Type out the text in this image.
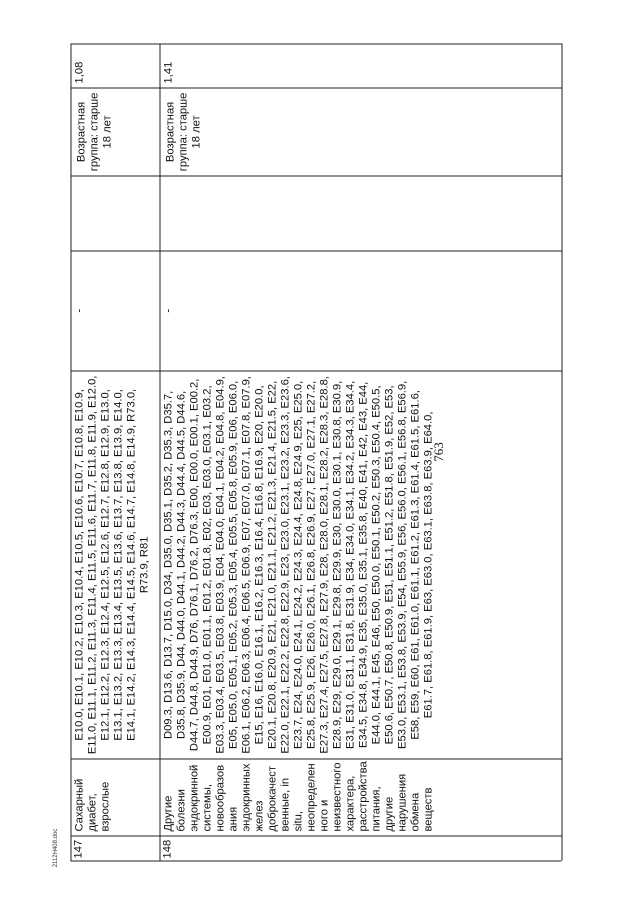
763
147
Сахарный диабет, взрослые
E10.0, E10.1, E10.2, E10.3, E10.4, E10.5, E10.6, E10.7, E10.8, E10.9, E11.0, E11.1, E11.2, E11.3, E11.4, E11.5, E11.6, E11.7, E11.8, E11.9, E12.0, E12.1, E12.2, E12.3, E12.4, E12.5, E12.6, E12.7, E12.8, E12.9, E13.0, E13.1, E13.2, E13.3, E13.4, E13.5, E13.6, E13.7, E13.8, E13.9, E14.0, E14.1, E14.2, E14.3, E14.4, E14.5, E14.6, E14.7, E14.8, E14.9, R73.0, R73.9, R81
-
Возрастная группа: старше 18 лет
1,08
148
Другие болезни эндокринной системы, новообразов ания эндокринных желез доброкачест венные, in situ, неопределен ного и неизвестного характера, расстройства питания, другие нарушения обмена веществ
D09.3, D13.6, D13.7, D15.0, D34, D35.0, D35.1, D35.2, D35.3, D35.7, D35.8, D35.9, D44, D44.0, D44.1, D44.2, D44.3, D44.4, D44.5, D44.6, D44.7, D44.8, D44.9, D76, D76.1, D76.2, D76.3, E00, E00.0, E00.1, E00.2, E00.9, E01, E01.0, E01.1, E01.2, E01.8, E02, E03, E03.0, E03.1, E03.2, E03.3, E03.4, E03.5, E03.8, E03.9, E04, E04.0, E04.1, E04.2, E04.8, E04.9, E05, E05.0, E05.1, E05.2, E05.3, E05.4, E05.5, E05.8, E05.9, E06, E06.0, E06.1, E06.2, E06.3, E06.4, E06.5, E06.9, E07, E07.0, E07.1, E07.8, E07.9, E15, E16, E16.0, E16.1, E16.2, E16.3, E16.4, E16.8, E16.9, E20, E20.0, E20.1, E20.8, E20.9, E21, E21.0, E21.1, E21.2, E21.3, E21.4, E21.5, E22, E22.0, E22.1, E22.2, E22.8, E22.9, E23, E23.0, E23.1, E23.2, E23.3, E23.6, E23.7, E24, E24.0, E24.1, E24.2, E24.3, E24.4, E24.8, E24.9, E25, E25.0, E25.8, E25.9, E26, E26.0, E26.1, E26.8, E26.9, E27, E27.0, E27.1, E27.2, E27.3, E27.4, E27.5, E27.8, E27.9, E28, E28.0, E28.1, E28.2, E28.3, E28.8, E28.9, E29, E29.0, E29.1, E29.8, E29.9, E30, E30.0, E30.1, E30.8, E30.9, E31, E31.0, E31.1, E31.8, E31.9, E34, E34.0, E34.1, E34.2, E34.3, E34.4, E34.5, E34.8, E34.9, E35, E35.0, E35.1, E35.8, E40, E41, E42, E43, E44, E44.0, E44.1, E45, E46, E50, E50.0, E50.1, E50.2, E50.3, E50.4, E50.5, E50.6, E50.7, E50.8, E50.9, E51, E51.1, E51.2, E51.8, E51.9, E52, E53, E53.0, E53.1, E53.8, E53.9, E54, E55.9, E56, E56.0, E56.1, E56.8, E56.9, E58, E59, E60, E61, E61.0, E61.1, E61.2, E61.3, E61.4, E61.5, E61.6, E61.7, E61.8, E61.9, E63, E63.0, E63.1, E63.8, E63.9, E64.0,
-
Возрастная группа: старше 18 лет
1,41
2112H408.doc
